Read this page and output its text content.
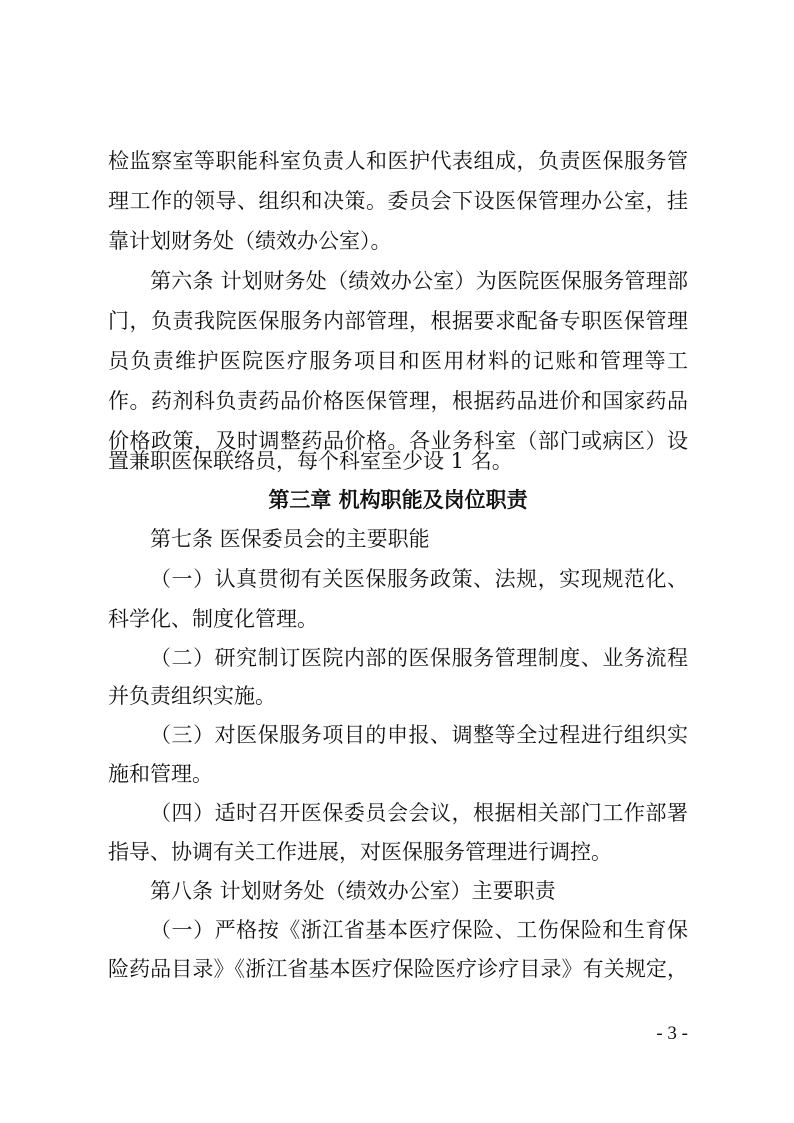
检监察室等职能科室负责人和医护代表组成，负责医保服务管
理工作的领导、组织和决策。委员会下设医保管理办公室，挂
靠计划财务处（绩效办公室）。
第六条 计划财务处（绩效办公室）为医院医保服务管理部
门，负责我院医保服务内部管理，根据要求配备专职医保管理
员负责维护医院医疗服务项目和医用材料的记账和管理等工
作。药剂科负责药品价格医保管理，根据药品进价和国家药品
价格政策，及时调整药品价格。各业务科室（部门或病区）设
置兼职医保联络员，每个科室至少设 1 名。
第三章 机构职能及岗位职责
第七条 医保委员会的主要职能
（一）认真贯彻有关医保服务政策、法规，实现规范化、
科学化、制度化管理。
（二）研究制订医院内部的医保服务管理制度、业务流程
并负责组织实施。
（三）对医保服务项目的申报、调整等全过程进行组织实
施和管理。
（四）适时召开医保委员会会议，根据相关部门工作部署
指导、协调有关工作进展，对医保服务管理进行调控。
第八条 计划财务处（绩效办公室）主要职责
（一）严格按《浙江省基本医疗保险、工伤保险和生育保
险药品目录》《浙江省基本医疗保险医疗诊疗目录》有关规定，
- 3 -
